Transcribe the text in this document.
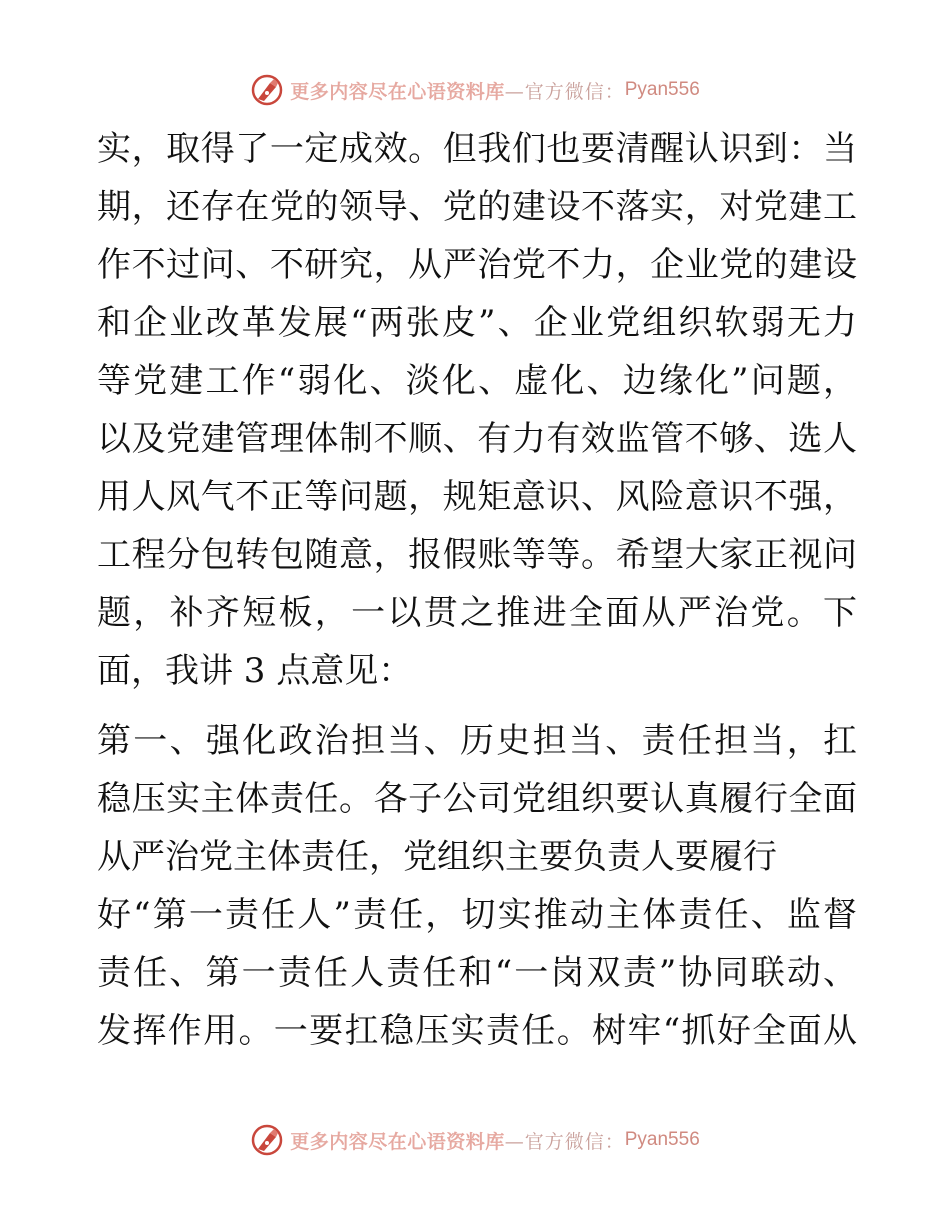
更多内容尽在心语资料库 —官方微信： Pyan556
实，取得了一定成效。但我们也要清醒认识到：当
期，还存在党的领导、党的建设不落实，对党建工
作不过问、不研究，从严治党不力，企业党的建设
和企业改革发展“两张皮”、企业党组织软弱无力
等党建工作“弱化、淡化、虚化、边缘化”问题，
以及党建管理体制不顺、有力有效监管不够、选人
用人风气不正等问题，规矩意识、风险意识不强，
工程分包转包随意，报假账等等。希望大家正视问
题，补齐短板，一以贯之推进全面从严治党。下
面，我讲 3 点意见：
第一、强化政治担当、历史担当、责任担当，扛
稳压实主体责任。各子公司党组织要认真履行全面
从严治党主体责任，党组织主要负责人要履行
好“第一责任人”责任，切实推动主体责任、监督
责任、第一责任人责任和“一岗双责”协同联动、
发挥作用。一要扛稳压实责任。树牢“抓好全面从
更多内容尽在心语资料库 —官方微信： Pyan556
